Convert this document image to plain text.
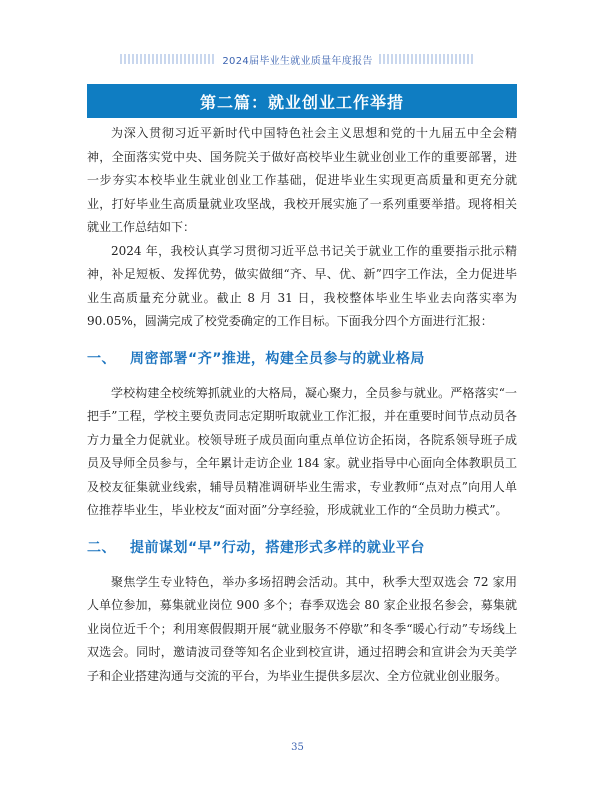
2024届毕业生就业质量年度报告
第二篇：就业创业工作举措

为深入贯彻习近平新时代中国特色社会主义思想和党的十九届五中全会精神，全面落实党中央、国务院关于做好高校毕业生就业创业工作的重要部署，进一步夯实本校毕业生就业创业工作基础，促进毕业生实现更高质量和更充分就业，打好毕业生高质量就业攻坚战，我校开展实施了一系列重要举措。现将相关就业工作总结如下：

2024 年，我校认真学习贯彻习近平总书记关于就业工作的重要指示批示精神，补足短板、发挥优势，做实做细“齐、早、优、新”四字工作法，全力促进毕业生高质量充分就业。截止 8 月 31 日，我校整体毕业生毕业去向落实率为 90.05%，圆满完成了校党委确定的工作目标。下面我分四个方面进行汇报：

一、 周密部署“齐”推进，构建全员参与的就业格局

学校构建全校统筹抓就业的大格局，凝心聚力，全员参与就业。严格落实“一把手”工程，学校主要负责同志定期听取就业工作汇报，并在重要时间节点动员各方力量全力促就业。校领导班子成员面向重点单位访企拓岗，各院系领导班子成员及导师全员参与，全年累计走访企业 184 家。就业指导中心面向全体教职员工及校友征集就业线索，辅导员精准调研毕业生需求，专业教师“点对点”向用人单位推荐毕业生，毕业校友“面对面”分享经验，形成就业工作的“全员助力模式”。

二、 提前谋划“早”行动，搭建形式多样的就业平台

聚焦学生专业特色，举办多场招聘会活动。其中，秋季大型双选会 72 家用人单位参加，募集就业岗位 900 多个；春季双选会 80 家企业报名参会，募集就业岗位近千个；利用寒假假期开展“就业服务不停歇”和冬季“暖心行动”专场线上双选会。同时，邀请波司登等知名企业到校宣讲，通过招聘会和宣讲会为天美学子和企业搭建沟通与交流的平台，为毕业生提供多层次、全方位就业创业服务。

35
